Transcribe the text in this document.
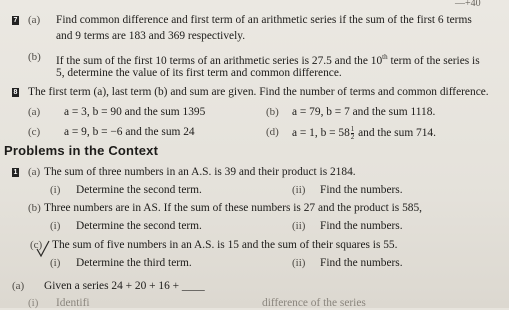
—+40
7 (a) Find common difference and first term of an arithmetic series if the sum of the first 6 terms
and 9 terms are 183 and 369 respectively.
(b) If the sum of the first 10 terms of an arithmetic series is 27.5 and the 10th term of the series is
5, determine the value of its first term and common difference.
8 The first term (a), last term (b) and sum are given. Find the number of terms and common difference.
(a) a = 3, b = 90 and the sum 1395	(b) a = 79, b = 7 and the sum 1118.
(c) a = 9, b = −6 and the sum 24	(d) a = 1, $b = 58 \frac{1}{2}$ and the sum 714.
Problems in the Context
1 (a) The sum of three numbers in an A.S. is 39 and their product is 2184.
(i) Determine the second term.	(ii) Find the numbers.
(b) Three numbers are in AS. If the sum of these numbers is 27 and the product is 585,
(i) Determine the second term.	(ii) Find the numbers.
(c) The sum of five numbers in an A.S. is 15 and the sum of their squares is 55.
(i) Determine the third term.	(ii) Find the numbers.
(a) Given a series 24 + 20 + 16 + ____
(i) Identifi	difference of the series
